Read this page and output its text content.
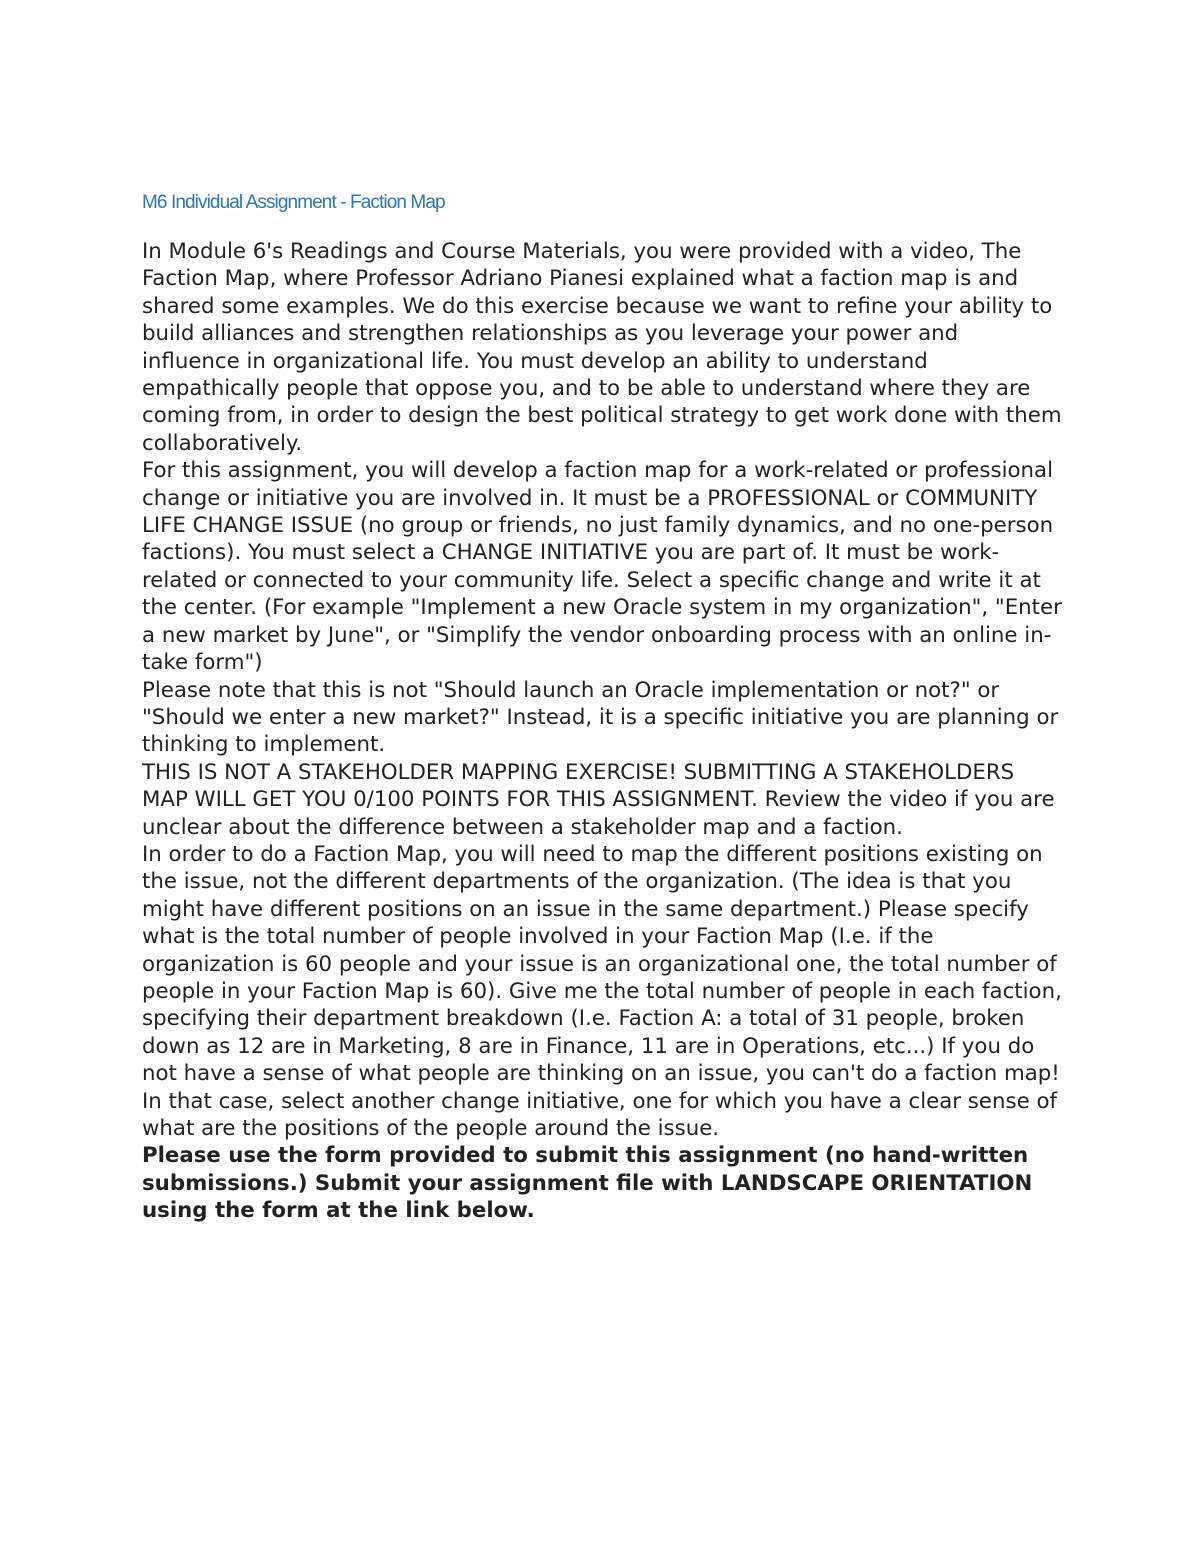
M6 Individual Assignment - Faction Map

In Module 6's Readings and Course Materials, you were provided with a video, The Faction Map, where Professor Adriano Pianesi explained what a faction map is and shared some examples. We do this exercise because we want to refine your ability to build alliances and strengthen relationships as you leverage your power and influence in organizational life. You must develop an ability to understand empathically people that oppose you, and to be able to understand where they are coming from, in order to design the best political strategy to get work done with them collaboratively.

For this assignment, you will develop a faction map for a work-related or professional change or initiative you are involved in. It must be a PROFESSIONAL or COMMUNITY LIFE CHANGE ISSUE (no group or friends, no just family dynamics, and no one-person factions). You must select a CHANGE INITIATIVE you are part of. It must be work-related or connected to your community life. Select a specific change and write it at the center. (For example "Implement a new Oracle system in my organization", "Enter a new market by June", or "Simplify the vendor onboarding process with an online in-take form")

Please note that this is not "Should launch an Oracle implementation or not?" or "Should we enter a new market?" Instead, it is a specific initiative you are planning or thinking to implement.

THIS IS NOT A STAKEHOLDER MAPPING EXERCISE! SUBMITTING A STAKEHOLDERS MAP WILL GET YOU 0/100 POINTS FOR THIS ASSIGNMENT. Review the video if you are unclear about the difference between a stakeholder map and a faction.

In order to do a Faction Map, you will need to map the different positions existing on the issue, not the different departments of the organization. (The idea is that you might have different positions on an issue in the same department.) Please specify what is the total number of people involved in your Faction Map (I.e. if the organization is 60 people and your issue is an organizational one, the total number of people in your Faction Map is 60). Give me the total number of people in each faction, specifying their department breakdown (I.e. Faction A: a total of 31 people, broken down as 12 are in Marketing, 8 are in Finance, 11 are in Operations, etc...) If you do not have a sense of what people are thinking on an issue, you can't do a faction map! In that case, select another change initiative, one for which you have a clear sense of what are the positions of the people around the issue.

Please use the form provided to submit this assignment (no hand-written submissions.) Submit your assignment file with LANDSCAPE ORIENTATION using the form at the link below.
